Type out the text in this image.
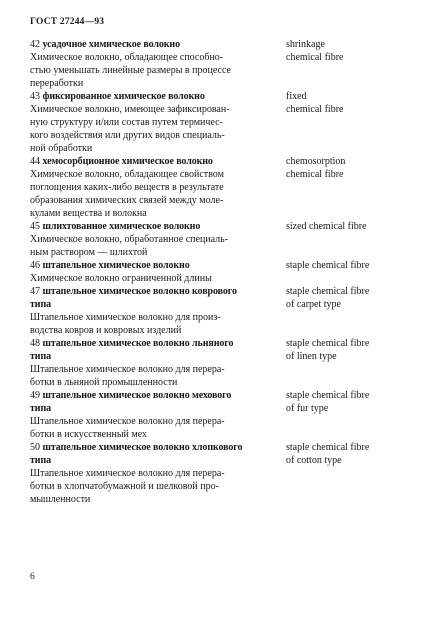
ГОСТ 27244—93
42 усадочное химическое волокно
Химическое волокно, обладающее способно-
стью уменьшать линейные размеры в процессе
переработки
shrinkage
chemical fibre
43 фиксированное химическое волокно
Химическое волокно, имеющее зафиксирован-
ную структуру и/или состав путем термичес-
кого воздействия или других видов специаль-
ной обработки
fixed
chemical fibre
44 хемосорбционное химическое волокно
Химическое волокно, обладающее свойством
поглощения каких-либо веществ в результате
образования химических связей между моле-
кулами вещества и волокна
chemosorption
chemical fibre
45 шлихтованное химическое волокно
Химическое волокно, обработанное специаль-
ным раствором — шлихтой
sized chemical fibre
46 штапельное химическое волокно
Химическое волокно ограниченной длины
staple chemical fibre
47 штапельное химическое волокно коврового
типа
Штапельное химическое волокно для произ-
водства ковров и ковровых изделий
staple chemical fibre
of carpet type
48 штапельное химическое волокно льняного
типа
Штапельное химическое волокно для перера-
ботки в льняной промышленности
staple chemical fibre
of linen type
49 штапельное химическое волокно мехового
типа
Штапельное химическое волокно для перера-
ботки в искусственный мех
staple chemical fibre
of fur type
50 штапельное химическое волокно хлопкового
типа
Штапельное химическое волокно для перера-
ботки в хлопчатобумажной и шелковой про-
мышленности
staple chemical fibre
of cotton type
6
